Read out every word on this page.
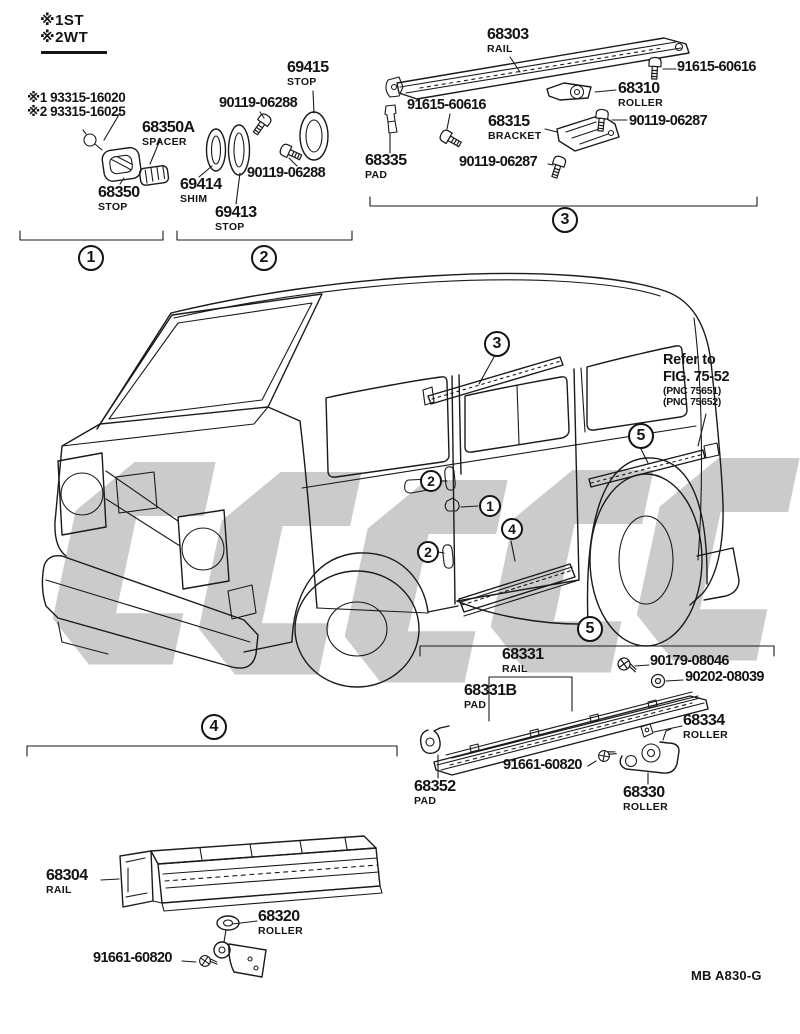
※1ST
※2WT
※1 93315-16020
※2 93315-16025
68350A
SPACER
68350
STOP
69414
SHIM
69413
STOP
69415
STOP
90119-06288
90119-06288
68303
RAIL
91615-60616
68310
ROLLER
91615-60616
68315
BRACKET
90119-06287
68335
PAD
90119-06287
Refer to
FIG. 75-52
(PNC 75651)
(PNC 75652)
68331
RAIL	90179-08046
90202-08039
68331B
PAD
68334
ROLLER
91661-60820
68352
PAD	68330
ROLLER
68304
RAIL
68320
ROLLER
91661-60820
1	2
3
5
4
3
5
2
1
4
2
MB A830-G
